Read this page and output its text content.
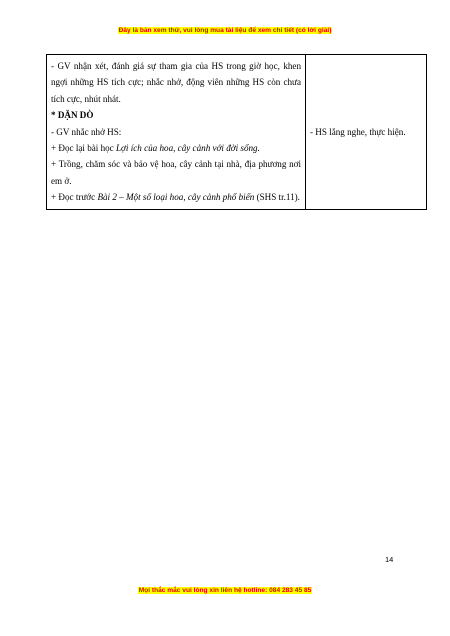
Đây là bản xem thử, vui lòng mua tài liệu để xem chi tiết (có lời giải)
- GV nhận xét, đánh giá sự tham gia của HS trong giờ học, khen ngợi những HS tích cực; nhắc nhở, động viên những HS còn chưa tích cực, nhút nhát.
* DẶN DÒ
- GV nhắc nhở HS:
+ Đọc lại bài học Lợi ích của hoa, cây cảnh với đời sống.
+ Trồng, chăm sóc và bảo vệ hoa, cây cảnh tại nhà, địa phương nơi em ở.
+ Đọc trước Bài 2 – Một số loại hoa, cây cảnh phổ biến (SHS tr.11).
	- HS lắng nghe, thực hiện.
14
Mọi thắc mắc vui lòng xin liên hệ hotline: 084 283 45 85
